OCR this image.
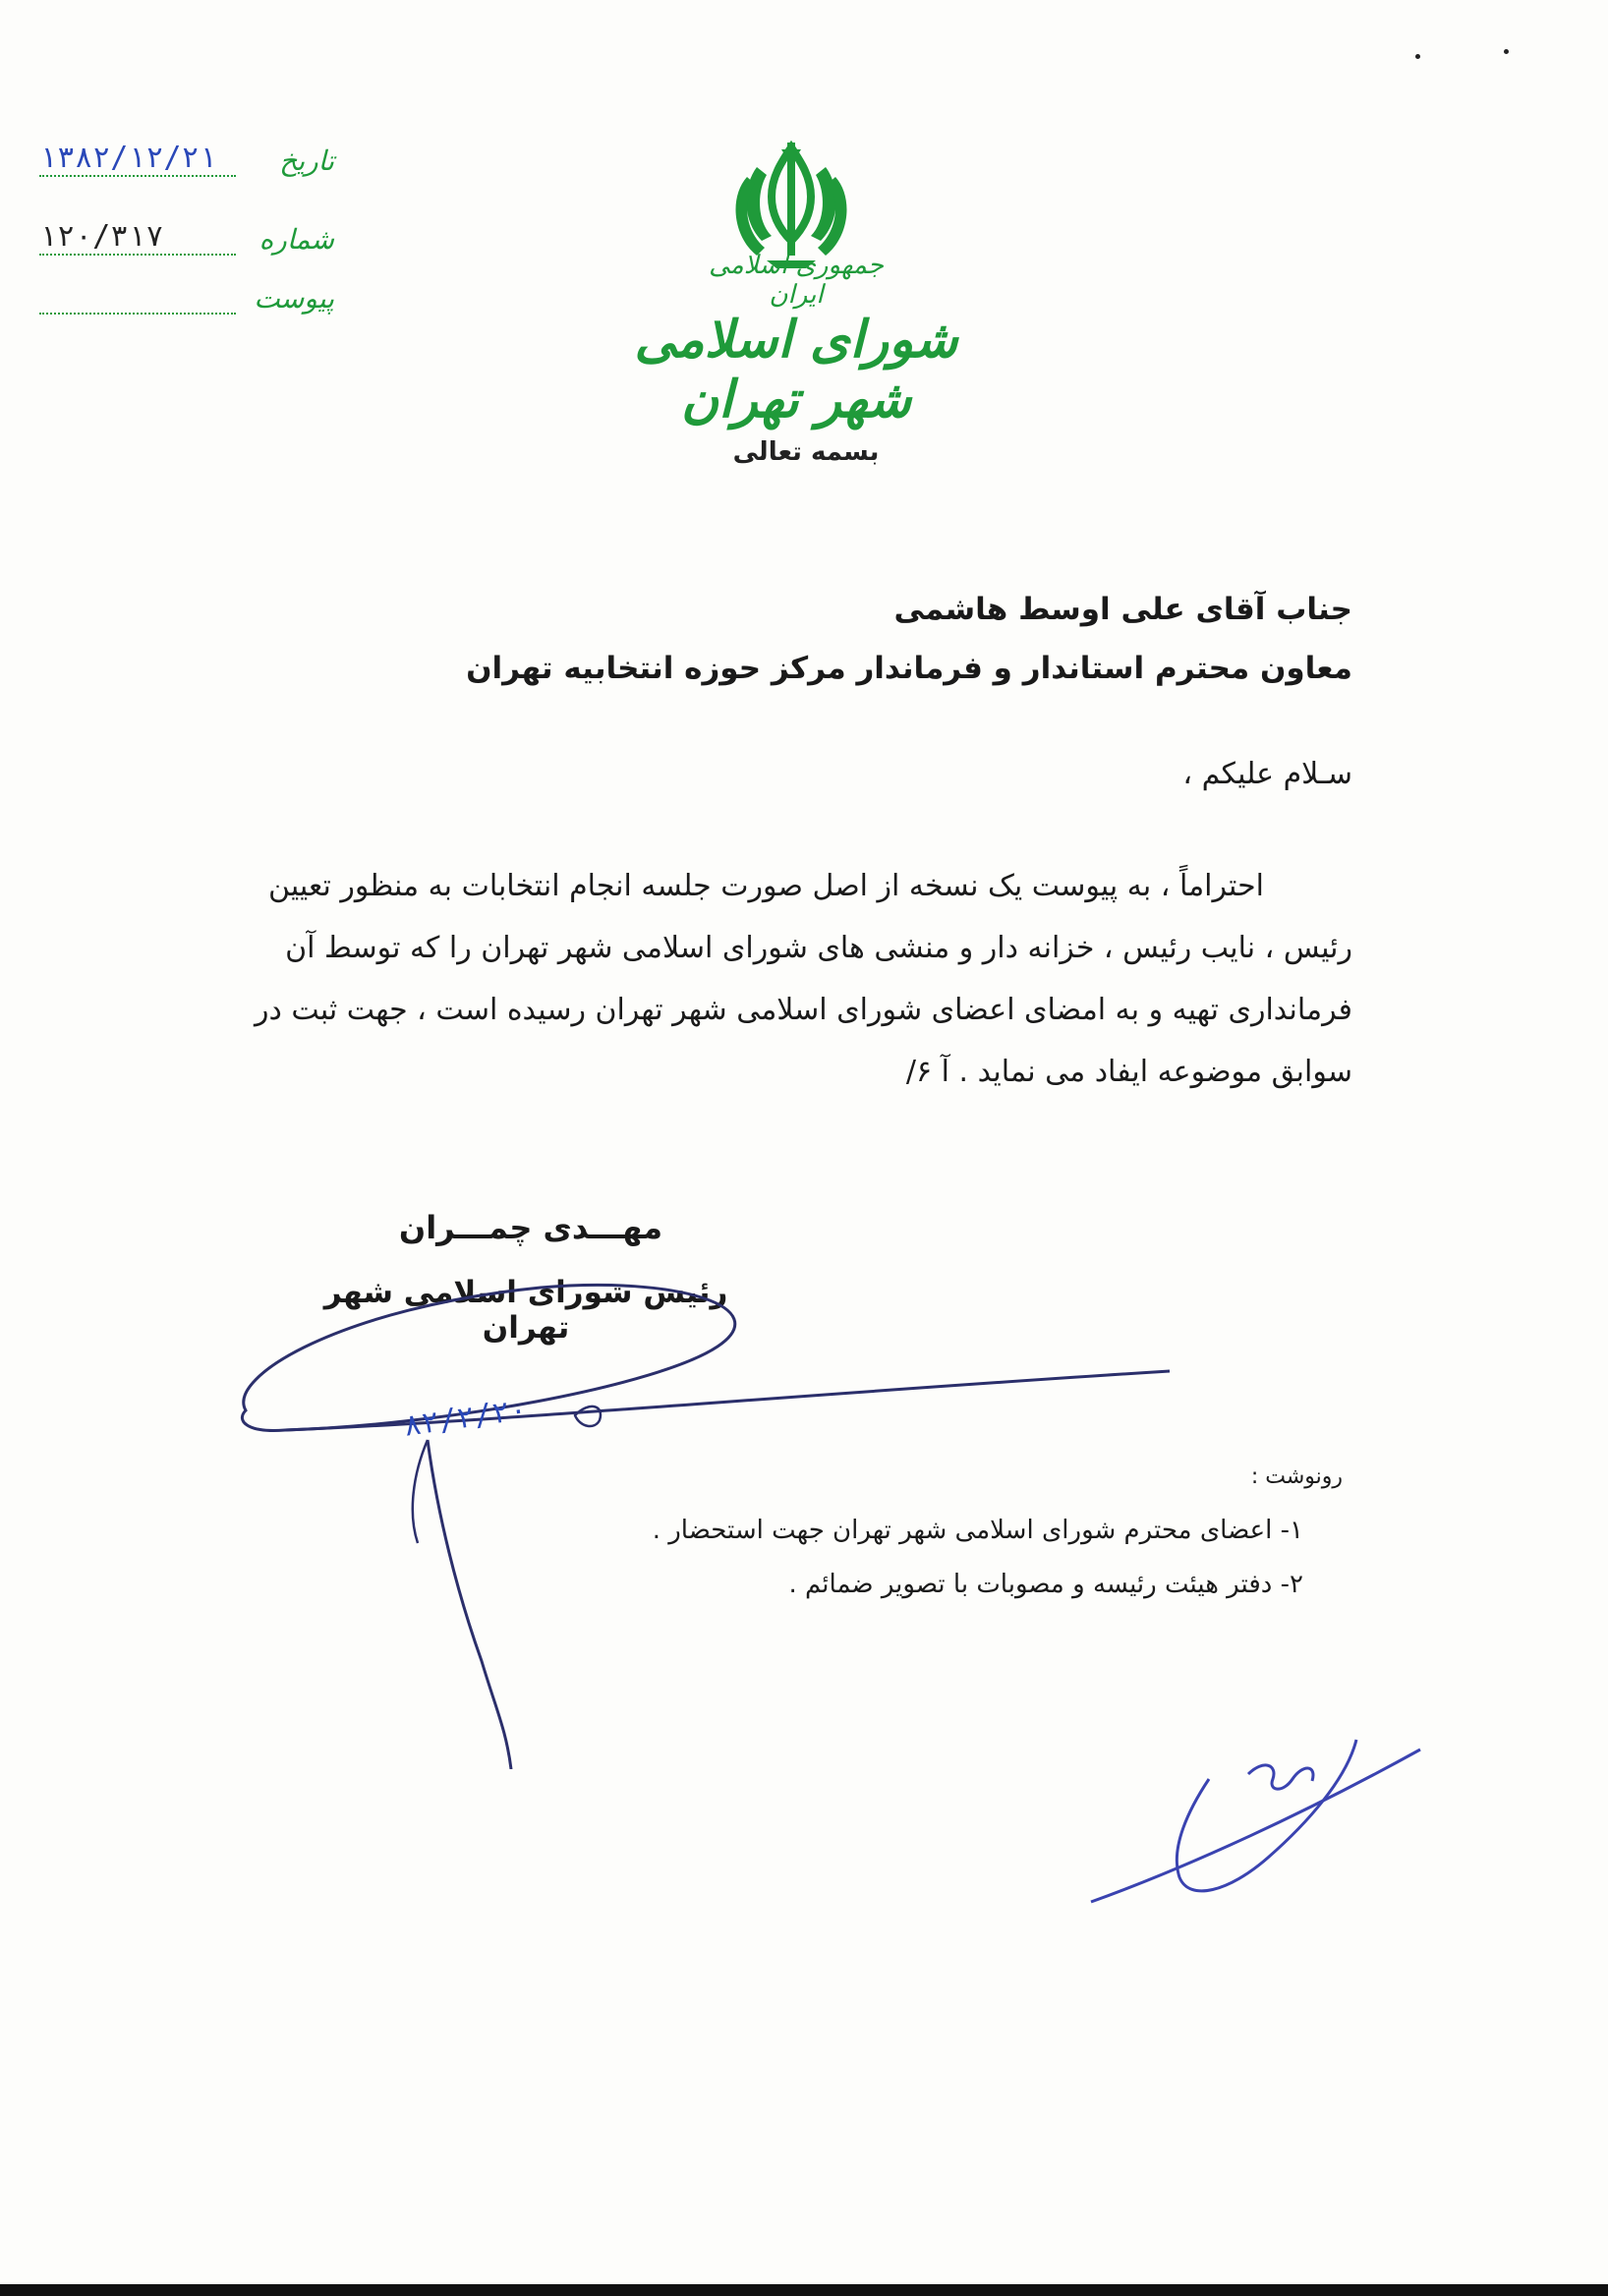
جمهوری اسلامی ایران
شورای اسلامی شهر تهران
بسمه تعالی
تاریخ
۱۳۸۲/۱۲/۲۱
شماره
۱۲۰/۳۱۷
پیوست
جناب آقای علی اوسط هاشمی
معاون محترم استاندار و فرماندار مرکز حوزه انتخابیه تهران
سـلام علیکم ،
احتراماً ، به پیوست یک نسخه از اصل صورت جلسه انجام انتخابات به منظور تعیین
رئیس ، نایب رئیس ، خزانه دار و منشی های شورای اسلامی شهر تهران را که توسط آن
فرمانداری تهیه و به امضای اعضای شورای اسلامی شهر تهران رسیده است ، جهت ثبت در
سوابق موضوعه ایفاد می نماید . آ ۶/
مهـــدی چمـــران
رئیس شورای اسلامی شهر تهران
۸۲/۲/۲۰
رونوشت :
۱- اعضای محترم شورای اسلامی شهر تهران جهت استحضار .
۲- دفتر هیئت رئیسه و مصوبات با تصویر ضمائم .
